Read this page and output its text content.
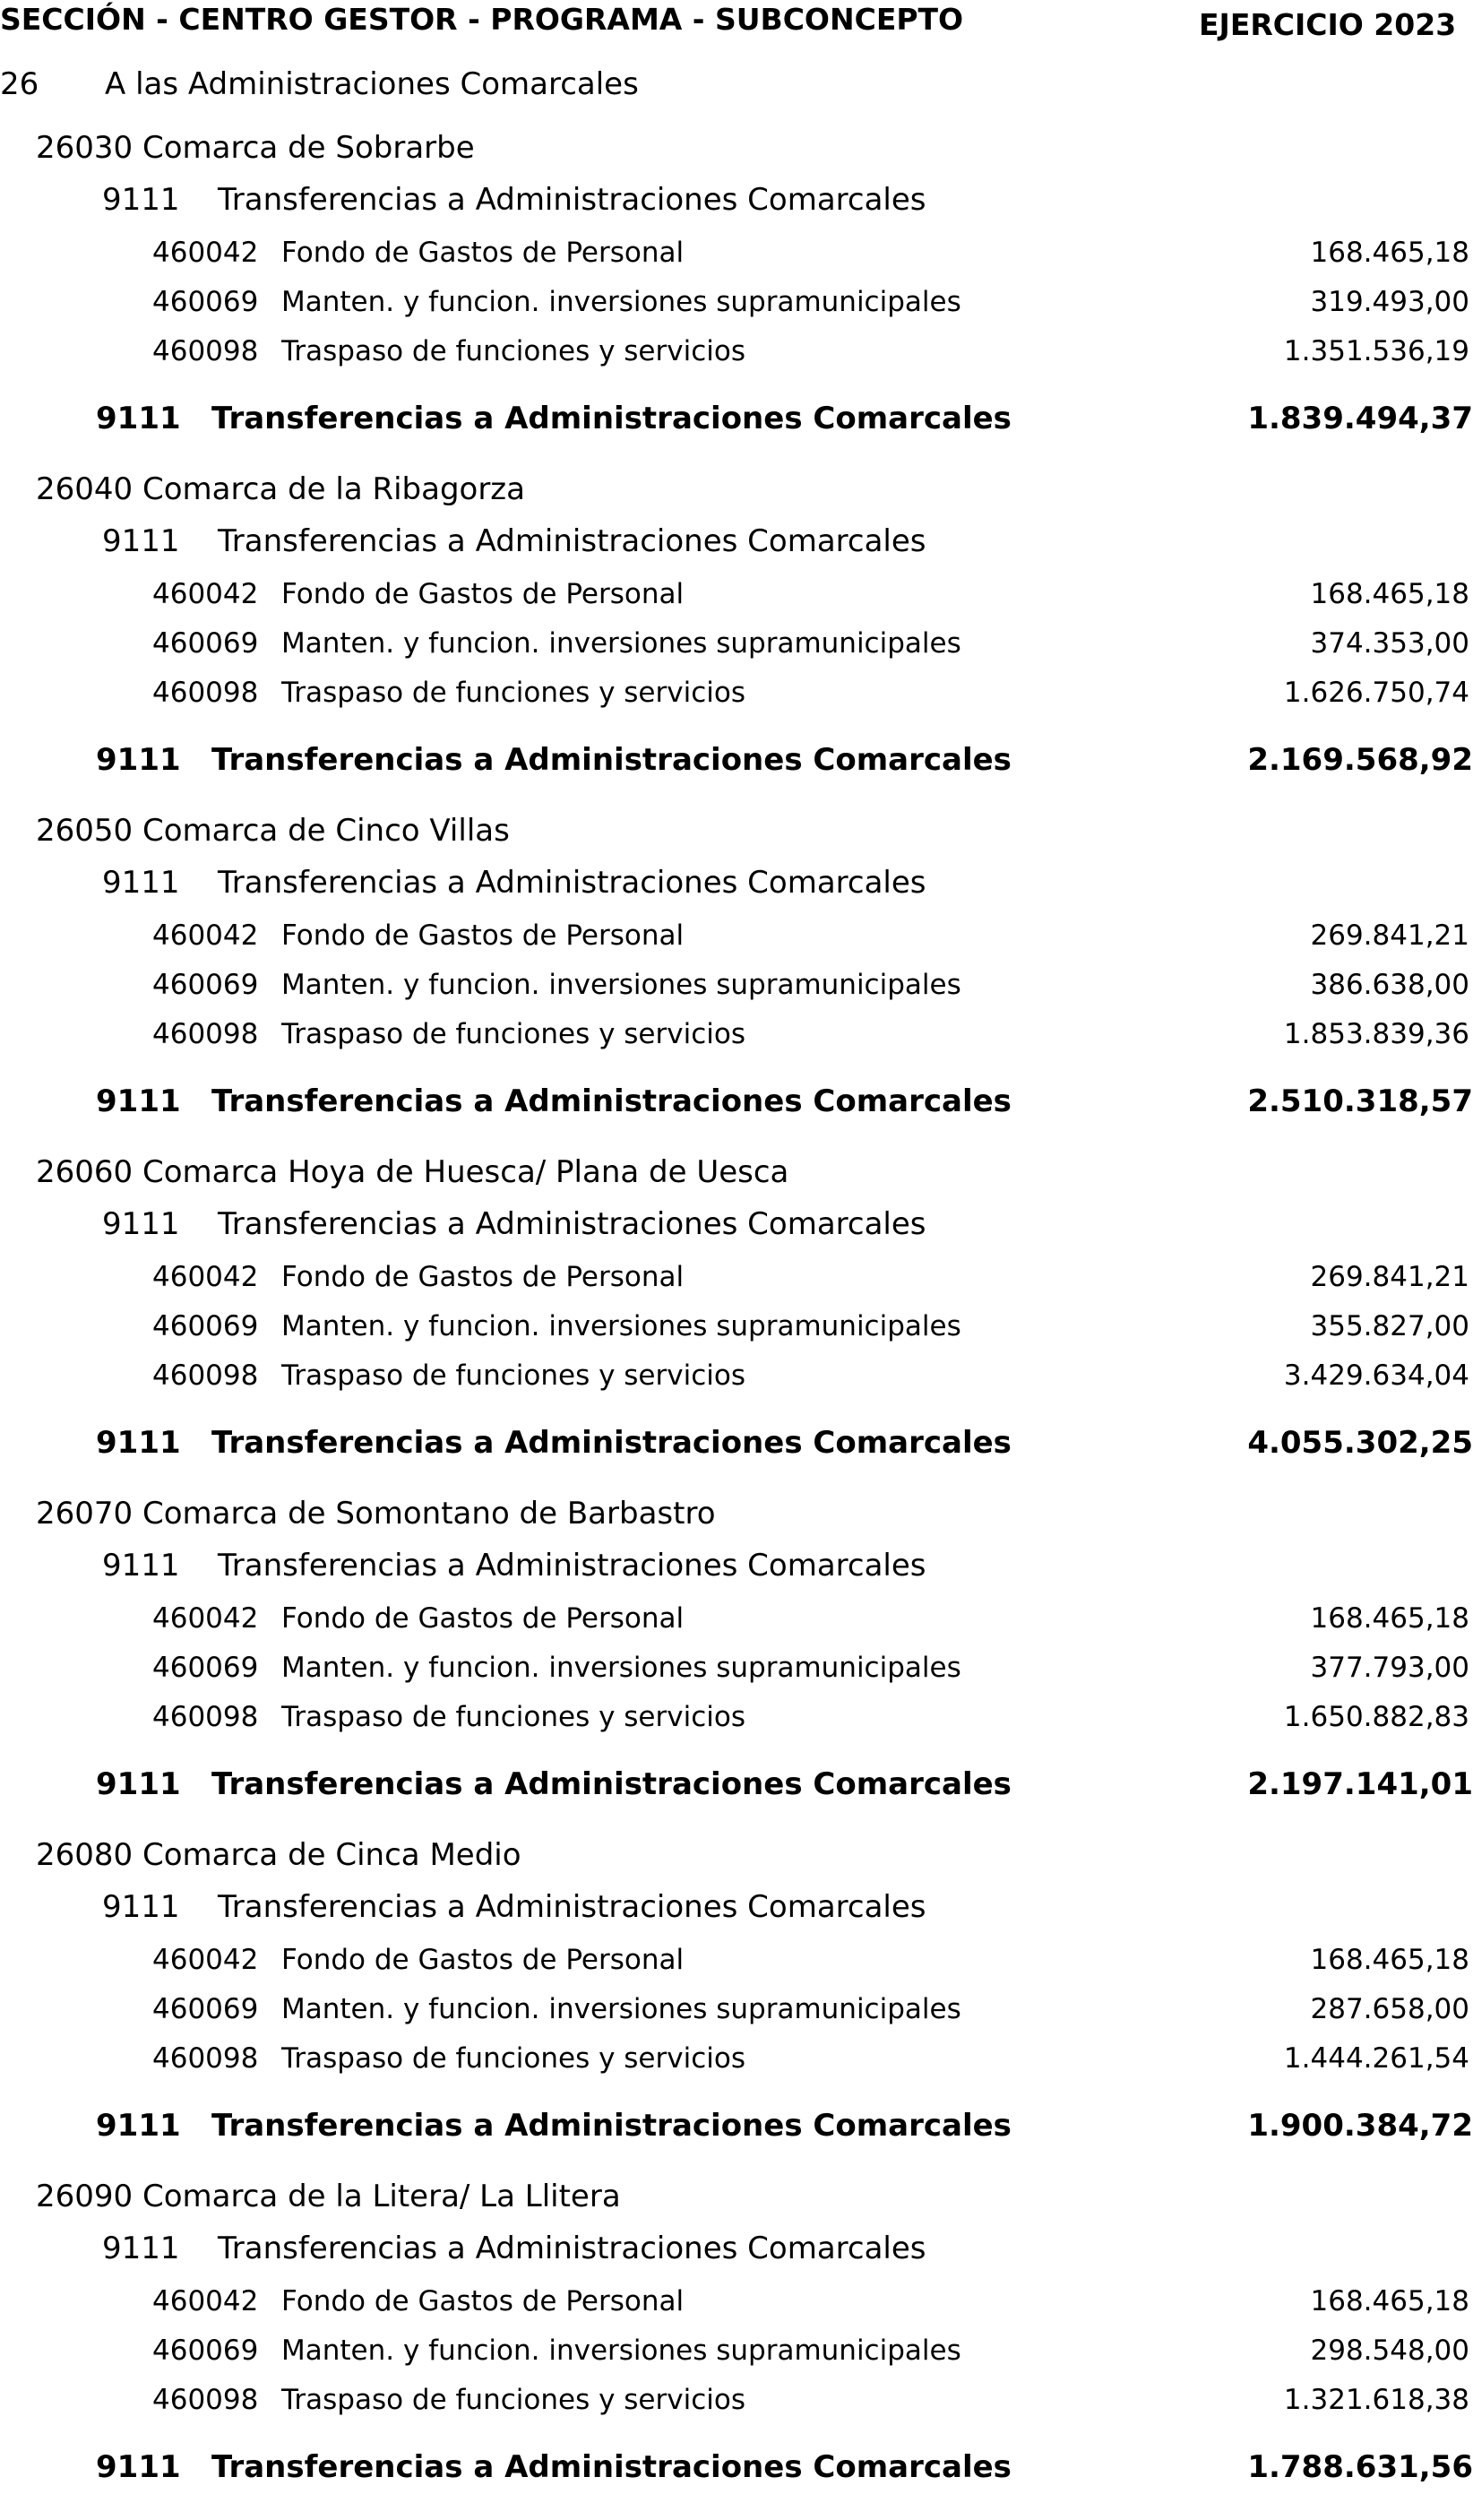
SECCIÓN - CENTRO GESTOR - PROGRAMA - SUBCONCEPTO	EJERCICIO 2023
26 A las Administraciones Comarcales
26030 Comarca de Sobrarbe
9111 Transferencias a Administraciones Comarcales
460042 Fondo de Gastos de Personal	168.465,18
460069 Manten. y funcion. inversiones supramunicipales	319.493,00
460098 Traspaso de funciones y servicios	1.351.536,19
9111 Transferencias a Administraciones Comarcales	1.839.494,37
26040 Comarca de la Ribagorza
9111 Transferencias a Administraciones Comarcales
460042 Fondo de Gastos de Personal	168.465,18
460069 Manten. y funcion. inversiones supramunicipales	374.353,00
460098 Traspaso de funciones y servicios	1.626.750,74
9111 Transferencias a Administraciones Comarcales	2.169.568,92
26050 Comarca de Cinco Villas
9111 Transferencias a Administraciones Comarcales
460042 Fondo de Gastos de Personal	269.841,21
460069 Manten. y funcion. inversiones supramunicipales	386.638,00
460098 Traspaso de funciones y servicios	1.853.839,36
9111 Transferencias a Administraciones Comarcales	2.510.318,57
26060 Comarca Hoya de Huesca/ Plana de Uesca
9111 Transferencias a Administraciones Comarcales
460042 Fondo de Gastos de Personal	269.841,21
460069 Manten. y funcion. inversiones supramunicipales	355.827,00
460098 Traspaso de funciones y servicios	3.429.634,04
9111 Transferencias a Administraciones Comarcales	4.055.302,25
26070 Comarca de Somontano de Barbastro
9111 Transferencias a Administraciones Comarcales
460042 Fondo de Gastos de Personal	168.465,18
460069 Manten. y funcion. inversiones supramunicipales	377.793,00
460098 Traspaso de funciones y servicios	1.650.882,83
9111 Transferencias a Administraciones Comarcales	2.197.141,01
26080 Comarca de Cinca Medio
9111 Transferencias a Administraciones Comarcales
460042 Fondo de Gastos de Personal	168.465,18
460069 Manten. y funcion. inversiones supramunicipales	287.658,00
460098 Traspaso de funciones y servicios	1.444.261,54
9111 Transferencias a Administraciones Comarcales	1.900.384,72
26090 Comarca de la Litera/ La Llitera
9111 Transferencias a Administraciones Comarcales
460042 Fondo de Gastos de Personal	168.465,18
460069 Manten. y funcion. inversiones supramunicipales	298.548,00
460098 Traspaso de funciones y servicios	1.321.618,38
9111 Transferencias a Administraciones Comarcales	1.788.631,56
